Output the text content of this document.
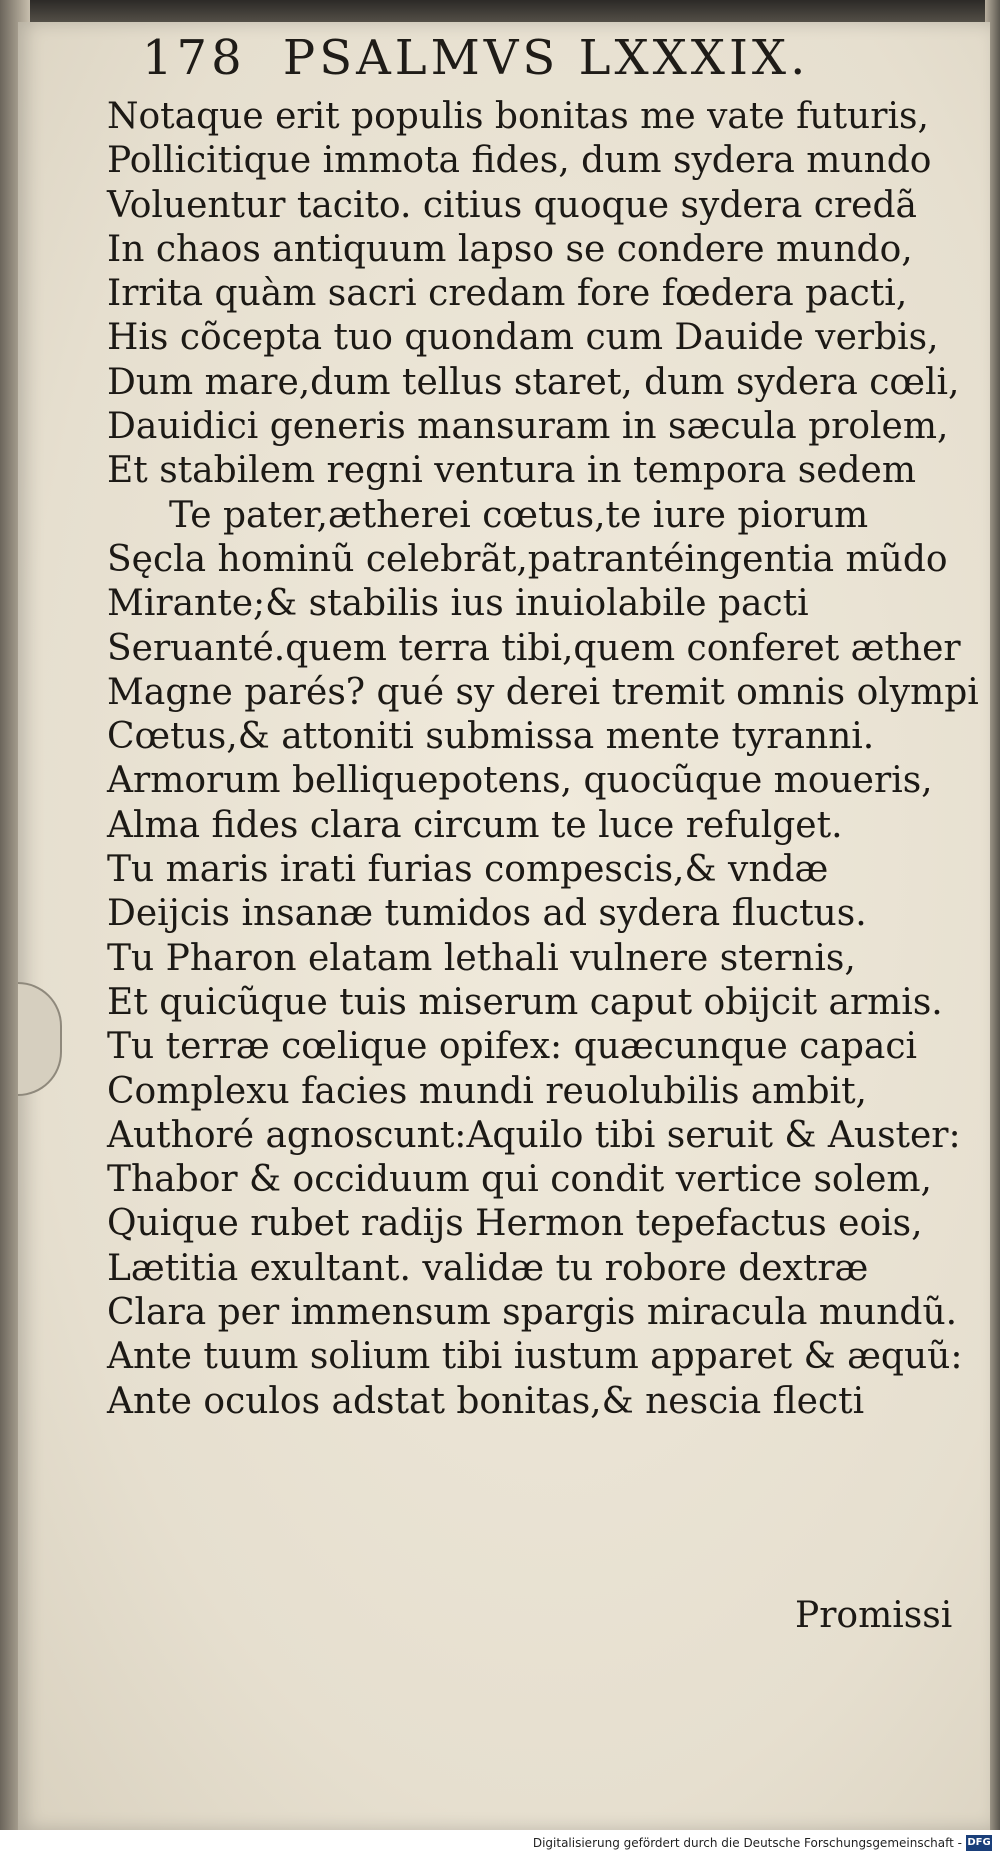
178 PSALMVS LXXXIX.
Notaque erit populis bonitas me vate futuris,
Pollicitique immota fides, dum sydera mundo
Voluentur tacito. citius quoque sydera credã
In chaos antiquum lapso se condere mundo,
Irrita quàm sacri credam fore fœdera pacti,
His cõcepta tuo quondam cum Dauide verbis,
Dum mare,dum tellus staret, dum sydera cœli,
Dauidici generis mansuram in sæcula prolem,
Et stabilem regni ventura in tempora sedem
Te pater,ætherei cœtus,te iure piorum
Sęcla hominũ celebrãt,patrantéingentia mũdo
Mirante;& stabilis ius inuiolabile pacti
Seruanté.quem terra tibi,quem conferet æther
Magne parés? qué sy derei tremit omnis olympi
Cœtus,& attoniti submissa mente tyranni.
Armorum belliquepotens, quocũque moueris,
Alma fides clara circum te luce refulget.
Tu maris irati furias compescis,& vndæ
Deijcis insanæ tumidos ad sydera fluctus.
Tu Pharon elatam lethali vulnere sternis,
Et quicũque tuis miserum caput obijcit armis.
Tu terræ cœlique opifex: quæcunque capaci
Complexu facies mundi reuolubilis ambit,
Authoré agnoscunt:Aquilo tibi seruit & Auster:
Thabor & occiduum qui condit vertice solem,
Quique rubet radijs Hermon tepefactus eois,
Lætitia exultant. validæ tu robore dextræ
Clara per immensum spargis miracula mundũ.
Ante tuum solium tibi iustum apparet & æquũ:
Ante oculos adstat bonitas,& nescia flecti
Promissi
Digitalisierung gefördert durch die Deutsche Forschungsgemeinschaft - DFG
